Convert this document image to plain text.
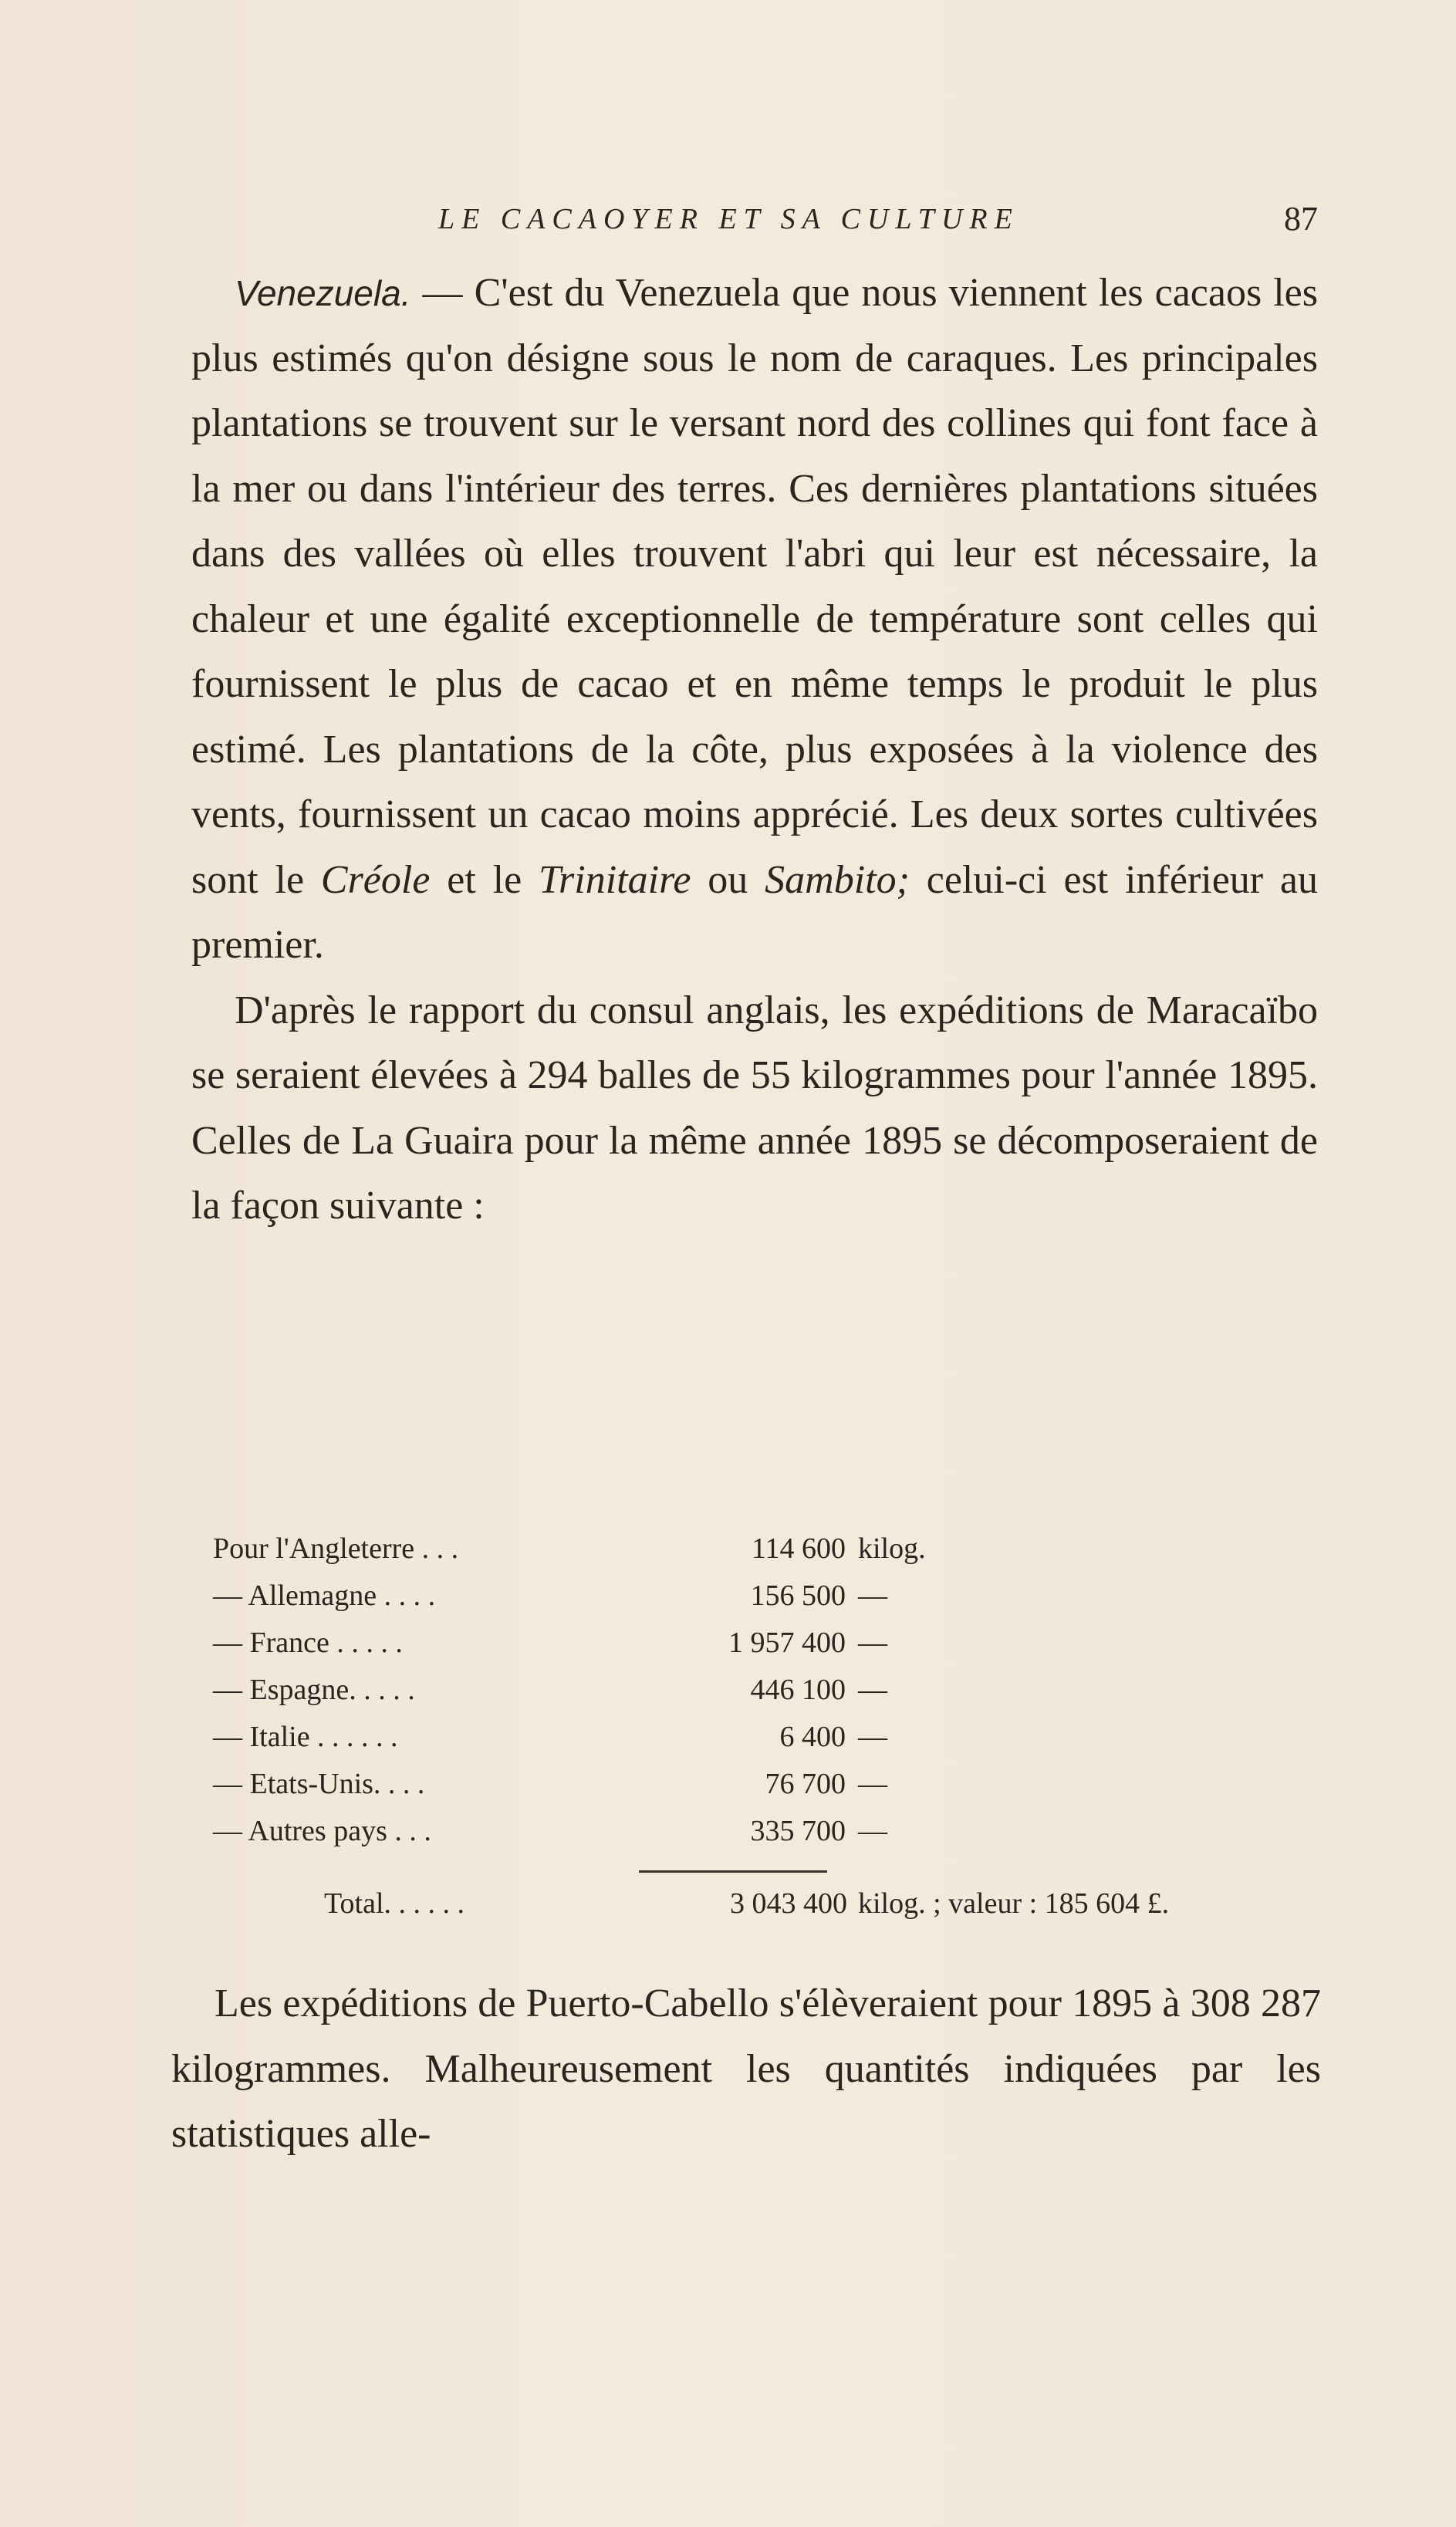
LE CACAOYER ET SA CULTURE	87

Venezuela. — C'est du Venezuela que nous viennent les cacaos les plus estimés qu'on désigne sous le nom de caraques. Les principales plantations se trouvent sur le versant nord des collines qui font face à la mer ou dans l'intérieur des terres. Ces dernières plantations situées dans des vallées où elles trouvent l'abri qui leur est nécessaire, la chaleur et une égalité exceptionnelle de température sont celles qui fournissent le plus de cacao et en même temps le produit le plus estimé. Les plantations de la côte, plus exposées à la violence des vents, fournissent un cacao moins apprécié. Les deux sortes cultivées sont le Créole et le Trinitaire ou Sambito; celui-ci est inférieur au premier.

D'après le rapport du consul anglais, les expéditions de Maracaïbo se seraient élevées à 294 balles de 55 kilogrammes pour l'année 1895. Celles de La Guaira pour la même année 1895 se décomposeraient de la façon suivante :

Pour l'Angleterre . . .	114 600 kilog.
— Allemagne . . . .	156 500 —
— France . . . . .	1 957 400 —
— Espagne. . . . .	446 100 —
— Italie . . . . . .	6 400 —
— Etats-Unis. . . .	76 700 —
— Autres pays . . .	335 700 —
Total. . . . . .	3 043 400 kilog. ; valeur : 185 604 £.

Les expéditions de Puerto-Cabello s'élèveraient pour 1895 à 308 287 kilogrammes. Malheureusement les quantités indiquées par les statistiques alle-
